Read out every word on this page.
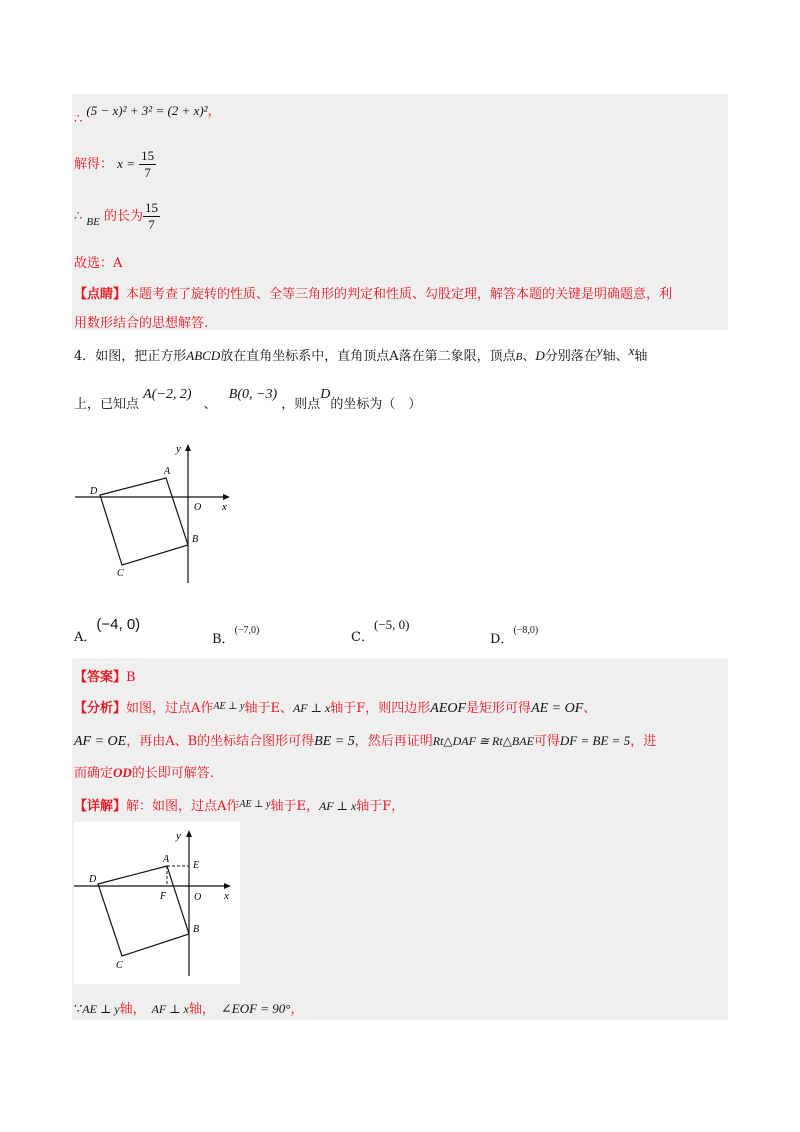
∴ (5 − x)² + 3² = (2 + x)²，
解得： $x = \frac{15}{7}$
∴ $_{BE}$ 的长为 $\frac{15}{7}$
故选：A
【点睛】本题考查了旋转的性质、全等三角形的判定和性质、勾股定理，解答本题的关键是明确题意，利
用数形结合的思想解答.
4．如图，把正方形ABCD放在直角坐标系中，直角顶点A落在第二象限，顶点B、D分别落在y轴、x轴
上，已知点 A(−2, 2) 、 B(0, −3) ，则点D的坐标为（　）
y
x
O
A
B
C
D
A．(−4, 0)
B．(−7,0)	C．(−5, 0)
D．(−8,0)
【答案】B
【分析】如图，过点A作$^{AE \perp y}$轴于E、AF ⊥ x轴于F，则四边形AEOF是矩形可得AE = OF、
AF = OE，再由A、B的坐标结合图形可得BE = 5，然后再证明Rt△DAF ≅ Rt△BAE可得DF = BE = 5，进
而确定OD的长即可解答.
【详解】解：如图，过点A作$^{AE \perp y}$轴于E，AF ⊥ x轴于F，
y
x
O
A
E
F
B
C
D
∵AE ⊥ y轴， AF ⊥ x轴， ∠EOF = 90°，
